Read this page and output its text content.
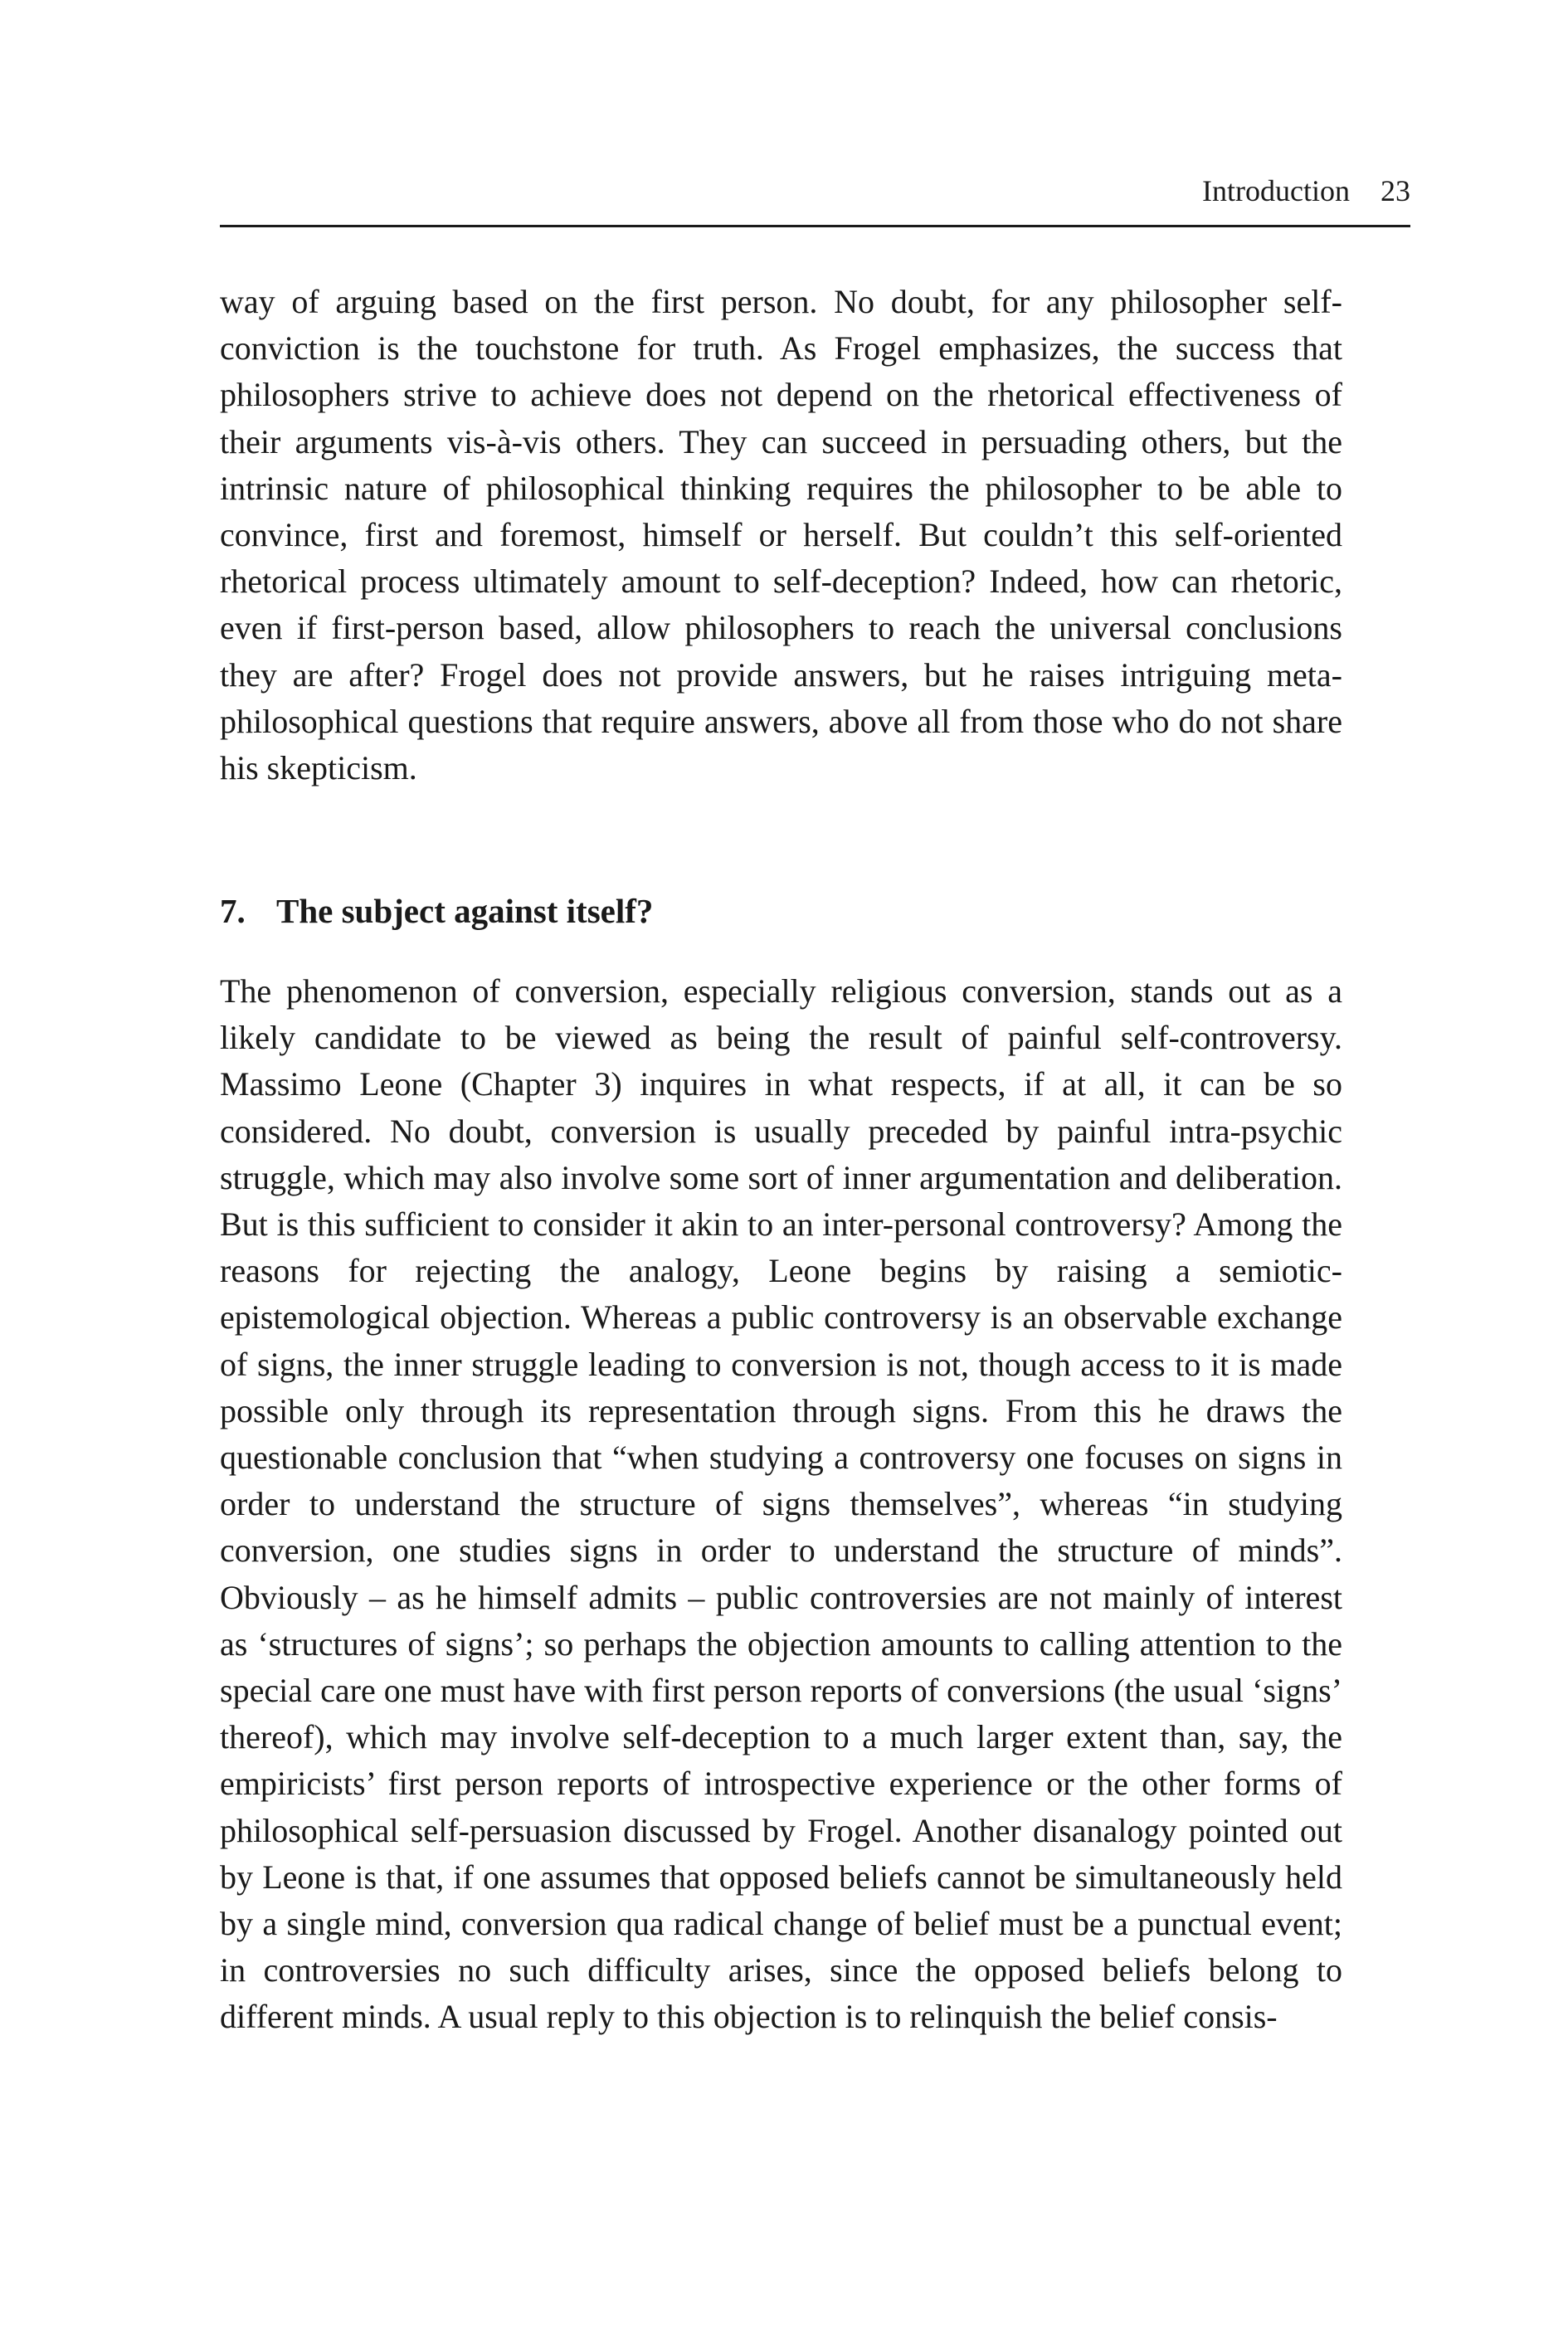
Introduction 23

way of arguing based on the first person. No doubt, for any philosopher self-conviction is the touchstone for truth. As Frogel emphasizes, the success that philosophers strive to achieve does not depend on the rhetorical effectiveness of their arguments vis-à-vis others. They can succeed in persuading others, but the intrinsic nature of philosophical thinking requires the philosopher to be able to convince, first and foremost, himself or herself. But couldn’t this self-oriented rhetorical process ultimately amount to self-deception? Indeed, how can rhetoric, even if first-person based, allow philosophers to reach the universal conclusions they are after? Frogel does not provide answers, but he raises intriguing meta-philosophical questions that require answers, above all from those who do not share his skepticism.

7. The subject against itself?

The phenomenon of conversion, especially religious conversion, stands out as a likely candidate to be viewed as being the result of painful self-controversy. Massimo Leone (Chapter 3) inquires in what respects, if at all, it can be so considered. No doubt, conversion is usually preceded by painful intra-psychic struggle, which may also involve some sort of inner argumentation and deliberation. But is this sufficient to consider it akin to an inter-personal controversy? Among the reasons for rejecting the analogy, Leone begins by raising a semiotic-epistemological objection. Whereas a public controversy is an observable exchange of signs, the inner struggle leading to conversion is not, though access to it is made possible only through its representation through signs. From this he draws the questionable conclusion that “when studying a controversy one focuses on signs in order to understand the structure of signs themselves”, whereas “in studying conversion, one studies signs in order to understand the structure of minds”. Obviously – as he himself admits – public controversies are not mainly of interest as ‘structures of signs’; so perhaps the objection amounts to calling attention to the special care one must have with first person reports of conversions (the usual ‘signs’ thereof), which may involve self-deception to a much larger extent than, say, the empiricists’ first person reports of introspective experience or the other forms of philosophical self-persuasion discussed by Frogel. Another disanalogy pointed out by Leone is that, if one assumes that opposed beliefs cannot be simultaneously held by a single mind, conversion qua radical change of belief must be a punctual event; in controversies no such difficulty arises, since the opposed beliefs belong to different minds. A usual reply to this objection is to relinquish the belief consis-
